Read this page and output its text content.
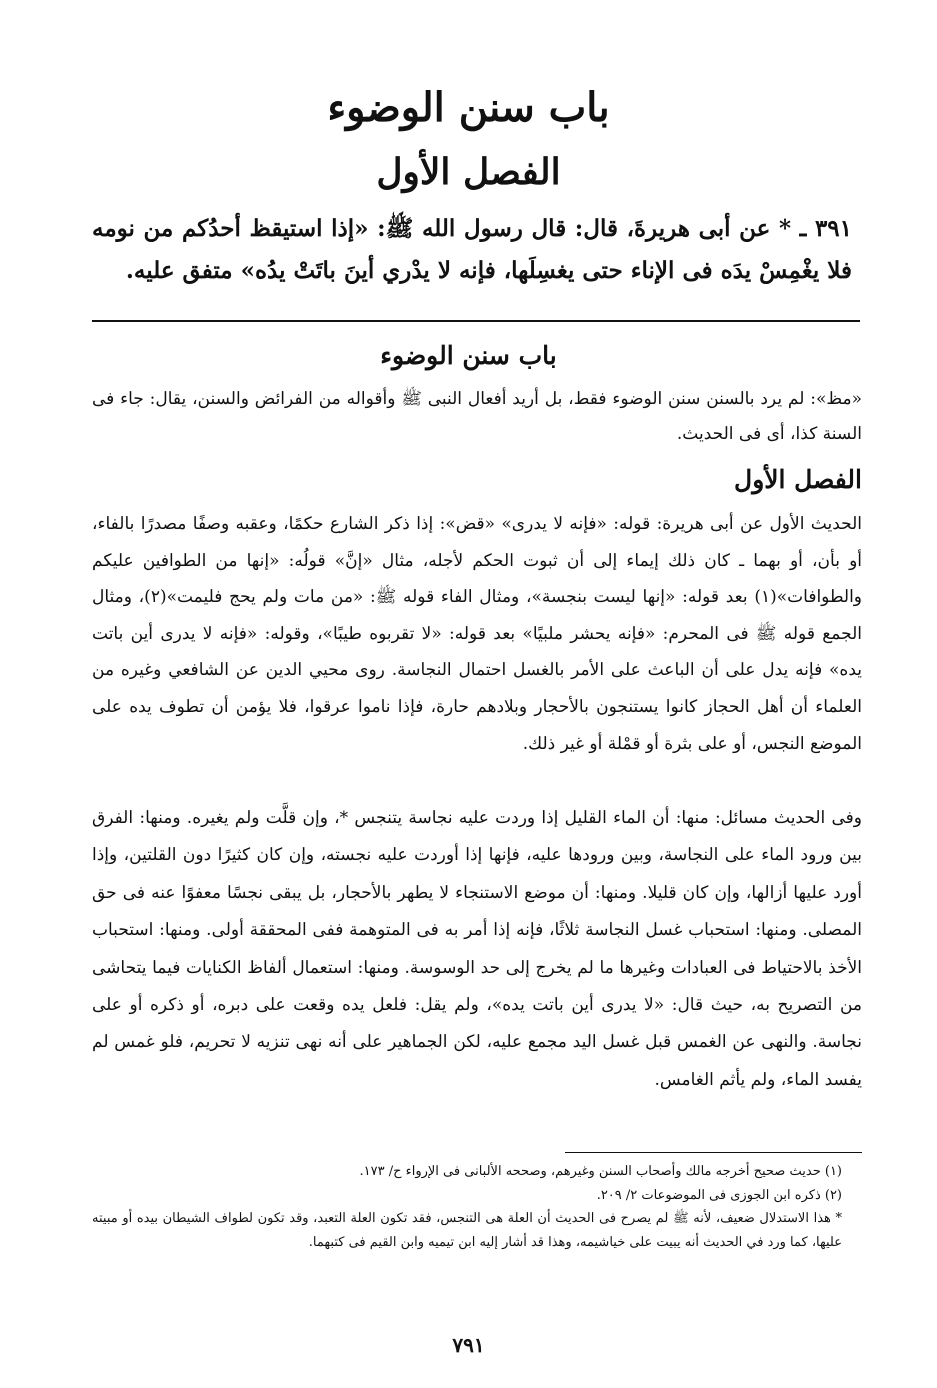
باب سنن الوضوء
الفصل الأول
٣٩١ ـ * عن أبى هريرةَ، قال: قال رسول الله ﷺ: «إذا استيقظ أحدُكم من نومه فلا يغْمِسْ يدَه فى الإناء حتى يغسِلَها، فإنه لا يدْري أينَ باتَتْ يدُه» متفق عليه.
باب سنن الوضوء

«مظ»: لم يرد بالسنن سنن الوضوء فقط، بل أريد أفعال النبى ﷺ وأقواله من الفرائض والسنن، يقال: جاء فى السنة كذا، أى فى الحديث.

الفصل الأول

الحديث الأول عن أبى هريرة: قوله: «فإنه لا يدرى» «قض»: إذا ذكر الشارع حكمًا، وعقبه وصفًا مصدرًا بالفاء، أو بأن، أو بهما ـ كان ذلك إيماء إلى أن ثبوت الحكم لأجله، مثال «إنَّ» قولُه: «إنها من الطوافين عليكم والطوافات»(١) بعد قوله: «إنها ليست بنجسة»، ومثال الفاء قوله ﷺ: «من مات ولم يحج فليمت»(٢)، ومثال الجمع قوله ﷺ فى المحرم: «فإنه يحشر ملبيًا» بعد قوله: «لا تقربوه طيبًا»، وقوله: «فإنه لا يدرى أين باتت يده» فإنه يدل على أن الباعث على الأمر بالغسل احتمال النجاسة. روى محيي الدين عن الشافعي وغيره من العلماء أن أهل الحجاز كانوا يستنجون بالأحجار وبلادهم حارة، فإذا ناموا عرقوا، فلا يؤمن أن تطوف يده على الموضع النجس، أو على بثرة أو قمْلة أو غير ذلك.

وفى الحديث مسائل: منها: أن الماء القليل إذا وردت عليه نجاسة يتنجس *، وإن قلَّت ولم يغيره. ومنها: الفرق بين ورود الماء على النجاسة، وبين ورودها عليه، فإنها إذا أوردت عليه نجسته، وإن كان كثيرًا دون القلتين، وإذا أورد عليها أزالها، وإن كان قليلا. ومنها: أن موضع الاستنجاء لا يطهر بالأحجار، بل يبقى نجسًا معفوًا عنه فى حق المصلى. ومنها: استحباب غسل النجاسة ثلاثًا، فإنه إذا أمر به فى المتوهمة ففى المحققة أولى. ومنها: استحباب الأخذ بالاحتياط فى العبادات وغيرها ما لم يخرج إلى حد الوسوسة. ومنها: استعمال ألفاظ الكنايات فيما يتحاشى من التصريح به، حيث قال: «لا يدرى أين باتت يده»، ولم يقل: فلعل يده وقعت على دبره، أو ذكره أو على نجاسة. والنهى عن الغمس قبل غسل اليد مجمع عليه، لكن الجماهير على أنه نهى تنزيه لا تحريم، فلو غمس لم يفسد الماء، ولم يأثم الغامس.

(١) حديث صحيح أخرجه مالك وأصحاب السنن وغيرهم، وصححه الألبانى فى الإرواء ح/ ١٧٣.

(٢) ذكره ابن الجوزى فى الموضوعات ٢/ ٢٠٩.

* هذا الاستدلال ضعيف، لأنه ﷺ لم يصرح فى الحديث أن العلة هى التنجس، فقد تكون العلة التعبد، وقد تكون لطواف الشيطان بيده أو مبيته عليها، كما ورد في الحديث أنه يبيت على خياشيمه، وهذا قد أشار إليه ابن تيميه وابن القيم فى كتبهما.

٧٩١
